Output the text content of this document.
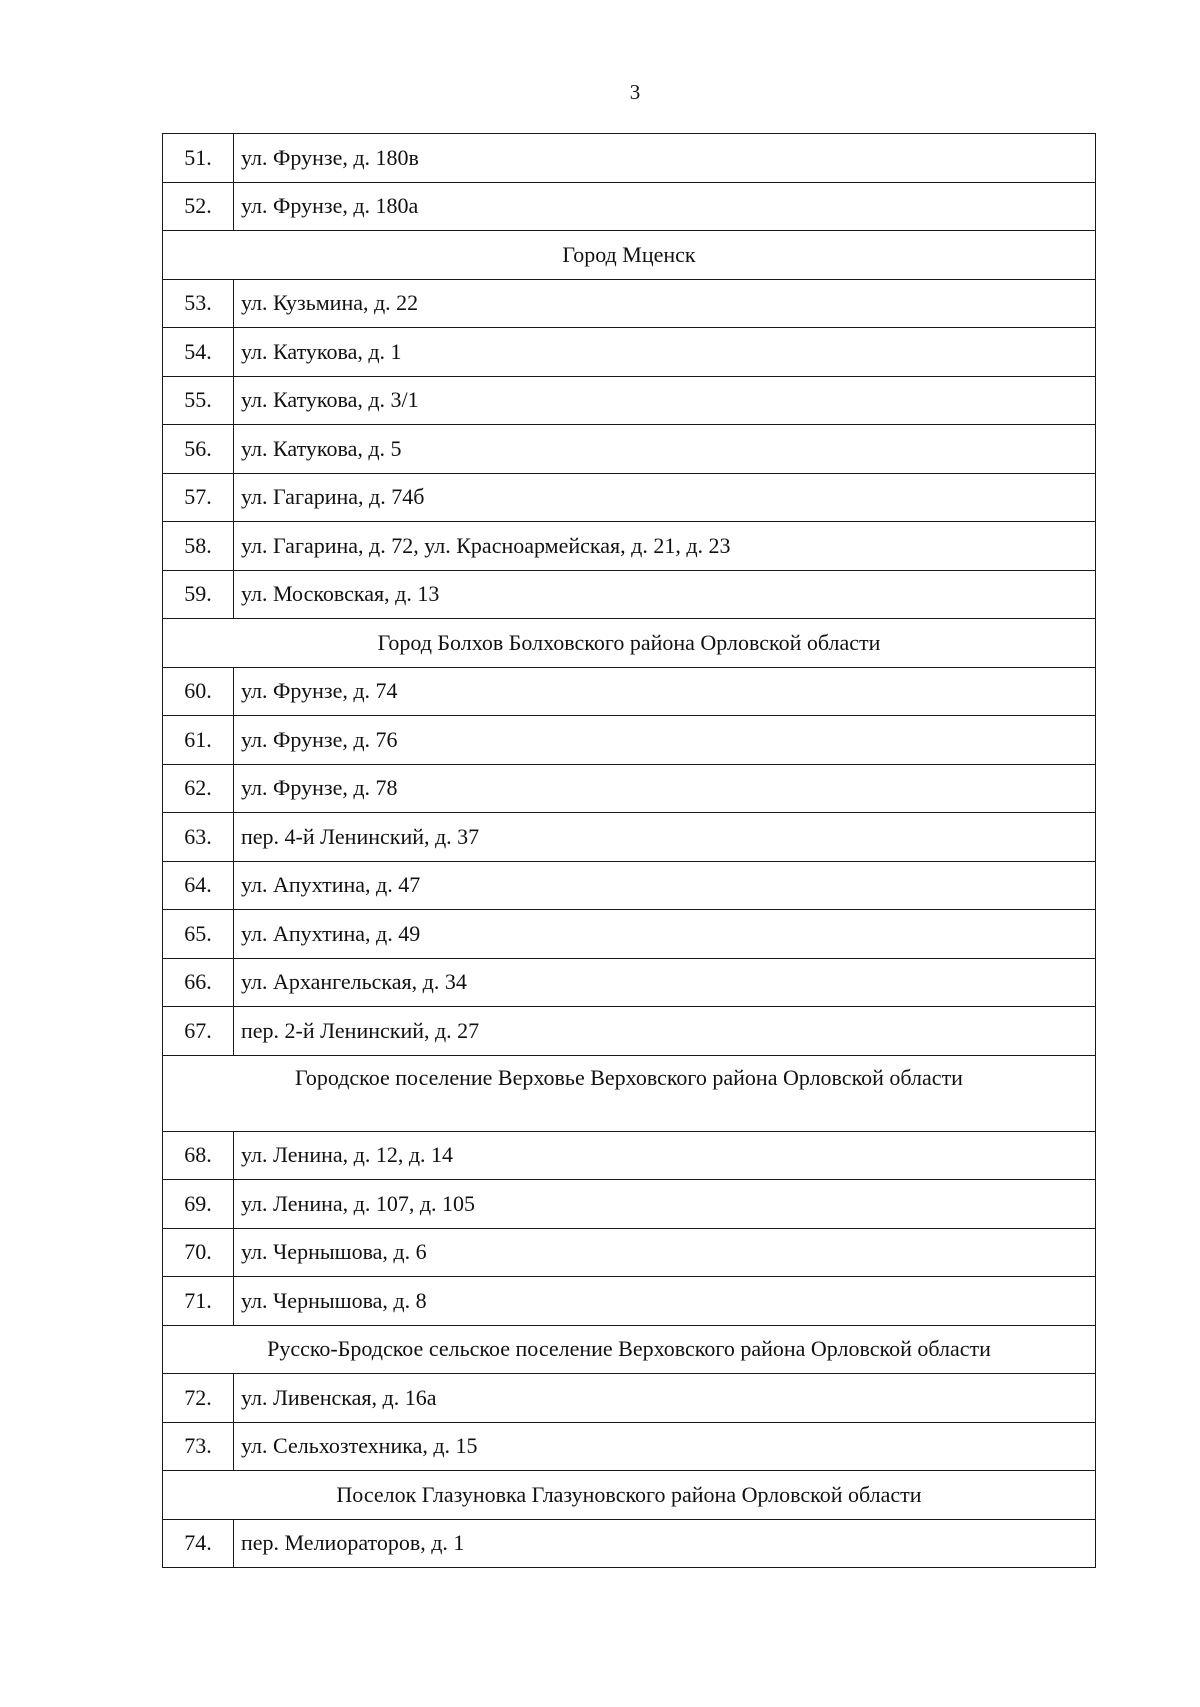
3
51.	ул. Фрунзе, д. 180в
52.	ул. Фрунзе, д. 180а
Город Мценск	
53.	ул. Кузьмина, д. 22
54.	ул. Катукова, д. 1
55.	ул. Катукова, д. 3/1
56.	ул. Катукова, д. 5
57.	ул. Гагарина, д. 74б
58.	ул. Гагарина, д. 72, ул. Красноармейская, д. 21, д. 23
59.	ул. Московская, д. 13
Город Болхов Болховского района Орловской области	
60.	ул. Фрунзе, д. 74
61.	ул. Фрунзе, д. 76
62.	ул. Фрунзе, д. 78
63.	пер. 4-й Ленинский, д. 37
64.	ул. Апухтина, д. 47
65.	ул. Апухтина, д. 49
66.	ул. Архангельская, д. 34
67.	пер. 2-й Ленинский, д. 27
Городское поселение Верховье Верховского района Орловской области	
68.	ул. Ленина, д. 12, д. 14
69.	ул. Ленина, д. 107, д. 105
70.	ул. Чернышова, д. 6
71.	ул. Чернышова, д. 8
Русско-Бродское сельское поселение Верховского района Орловской области	
72.	ул. Ливенская, д. 16а
73.	ул. Сельхозтехника, д. 15
Поселок Глазуновка Глазуновского района Орловской области	
74.	пер. Мелиораторов, д. 1
